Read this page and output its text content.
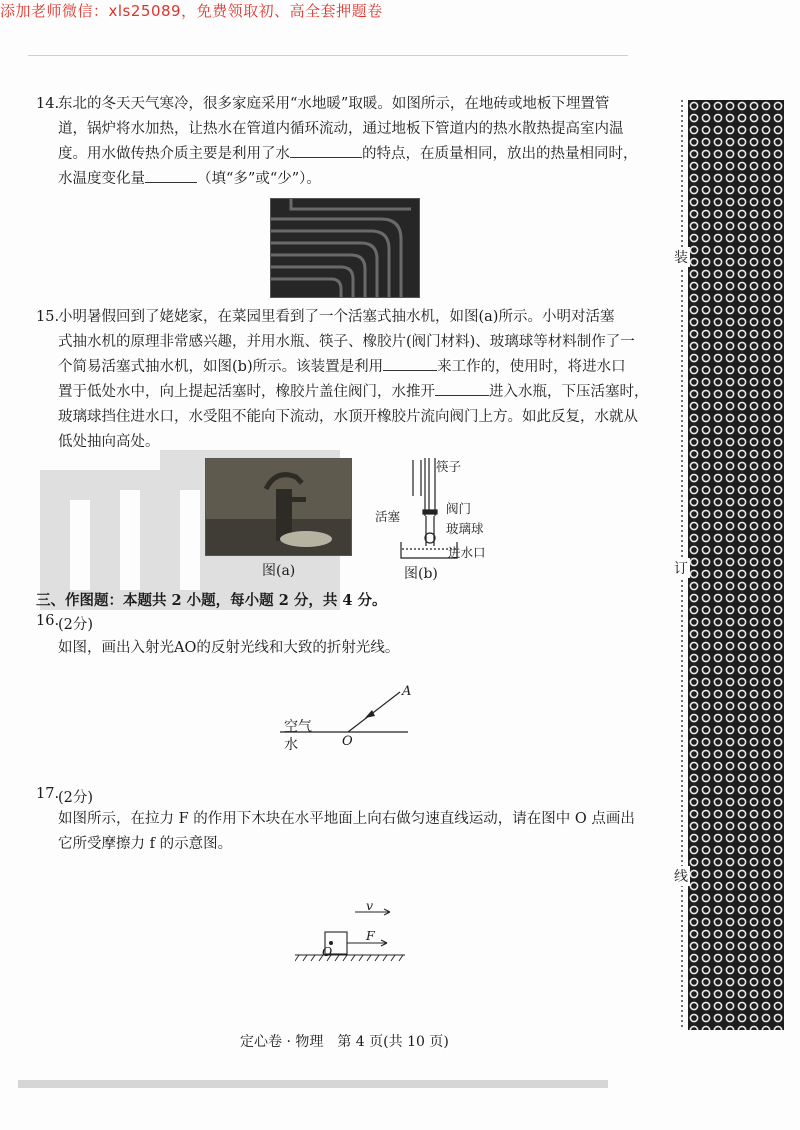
添加老师微信：xls25089，免费领取初、高全套押题卷
14.
东北的冬天天气寒冷，很多家庭采用“水地暖”取暖。如图所示，在地砖或地板下埋置管
道，锅炉将水加热，让热水在管道内循环流动，通过地板下管道内的热水散热提高室内温
度。用水做传热介质主要是利用了水	的特点，在质量相同，放出的热量相同时，
水温度变化量	（填“多”或“少”）。
15.
小明暑假回到了姥姥家，在菜园里看到了一个活塞式抽水机，如图(a)所示。小明对活塞
式抽水机的原理非常感兴趣，并用水瓶、筷子、橡胶片(阀门材料)、玻璃球等材料制作了一
个简易活塞式抽水机，如图(b)所示。该装置是利用	来工作的，使用时，将进水口
置于低处水中，向上提起活塞时，橡胶片盖住阀门，水推开	进入水瓶，下压活塞时，
玻璃球挡住进水口，水受阻不能向下流动，水顶开橡胶片流向阀门上方。如此反复，水就从
低处抽向高处。
图(a)
筷子
活塞
阀门
玻璃球
进水口
图(b)
三、作图题：本题共 2 小题，每小题 2 分，共 4 分。
16.
(2分)
如图，画出入射光AO的反射光线和大致的折射光线。
空气
水	O
A
17.
(2分)
如图所示，在拉力 F 的作用下木块在水平地面上向右做匀速直线运动，请在图中 O 点画出
它所受摩擦力 f 的示意图。
v
F
O
装
订
线
定心卷 · 物理　第 4 页(共 10 页)
